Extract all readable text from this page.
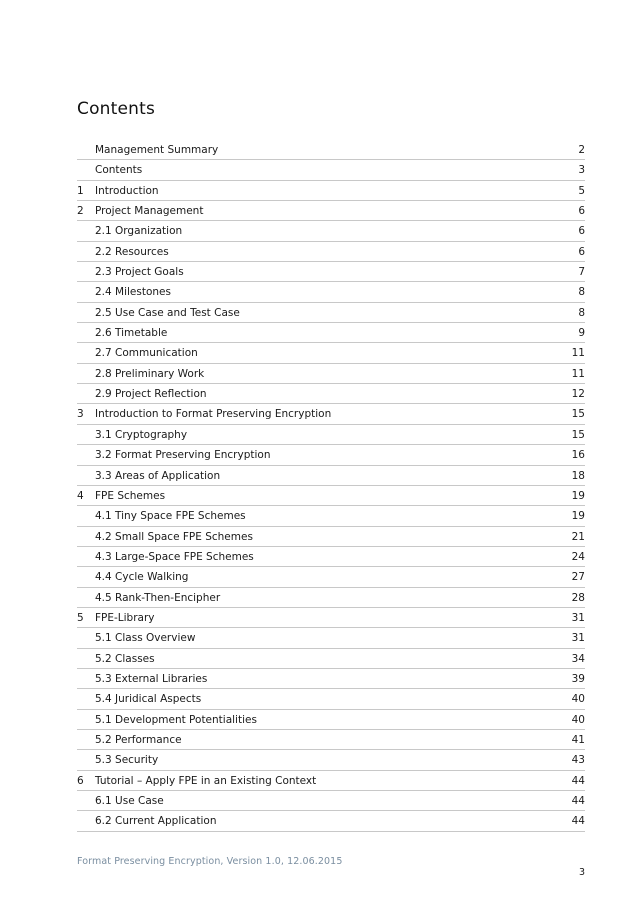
Contents
Management Summary	2
Contents	3
1 Introduction	5
2 Project Management	6
2.1 Organization	6
2.2 Resources	6
2.3 Project Goals	7
2.4 Milestones	8
2.5 Use Case and Test Case	8
2.6 Timetable	9
2.7 Communication	11
2.8 Preliminary Work	11
2.9 Project Reflection	12
3 Introduction to Format Preserving Encryption	15
3.1 Cryptography	15
3.2 Format Preserving Encryption	16
3.3 Areas of Application	18
4 FPE Schemes	19
4.1 Tiny Space FPE Schemes	19
4.2 Small Space FPE Schemes	21
4.3 Large-Space FPE Schemes	24
4.4 Cycle Walking	27
4.5 Rank-Then-Encipher	28
5 FPE-Library	31
5.1 Class Overview	31
5.2 Classes	34
5.3 External Libraries	39
5.4 Juridical Aspects	40
5.1 Development Potentialities	40
5.2 Performance	41
5.3 Security	43
6 Tutorial – Apply FPE in an Existing Context	44
6.1 Use Case	44
6.2 Current Application	44
Format Preserving Encryption, Version 1.0, 12.06.2015
3
